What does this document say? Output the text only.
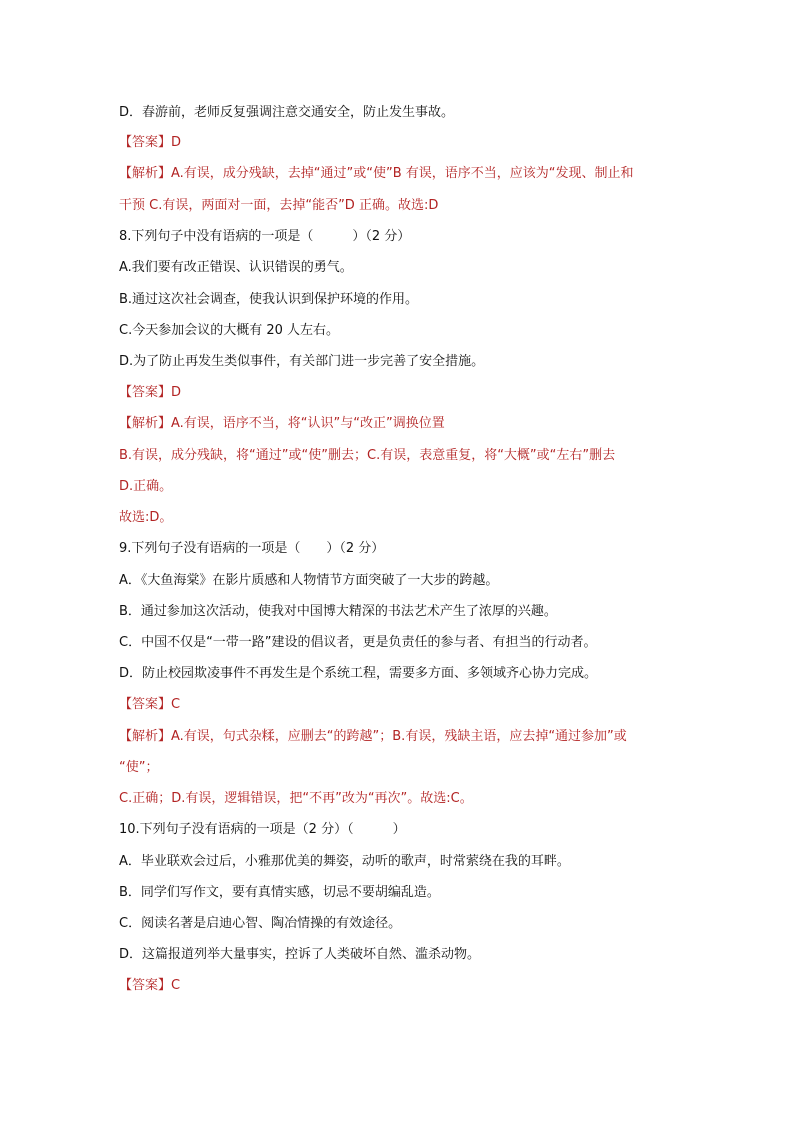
D．春游前，老师反复强调注意交通安全，防止发生事故。
【答案】D
【解析】A.有误，成分残缺，去掉“通过”或“使”B 有误，语序不当，应该为“发现、制止和
干预 C.有误，两面对一面，去掉“能否”D 正确。故选:D
8.下列句子中没有语病的一项是（　　　）（2 分）
A.我们要有改正错误、认识错误的勇气。
B.通过这次社会调查，使我认识到保护环境的作用。
C.今天参加会议的大概有 20 人左右。
D.为了防止再发生类似事件，有关部门进一步完善了安全措施。
【答案】D
【解析】A.有误，语序不当，将“认识”与“改正”调换位置
B.有误，成分残缺，将“通过”或“使”删去；C.有误，表意重复，将“大概”或“左右”删去
D.正确。
故选:D。
9.下列句子没有语病的一项是（　　）（2 分）
A．《大鱼海棠》在影片质感和人物情节方面突破了一大步的跨越。
B．通过参加这次活动，使我对中国博大精深的书法艺术产生了浓厚的兴趣。
C．中国不仅是“一带一路”建设的倡议者，更是负责任的参与者、有担当的行动者。
D．防止校园欺凌事件不再发生是个系统工程，需要多方面、多领域齐心协力完成。
【答案】C
【解析】A.有误，句式杂糅，应删去“的跨越”；B.有误，残缺主语，应去掉“通过参加”或
“使”；
C.正确；D.有误，逻辑错误，把“不再”改为“再次”。故选:C。
10.下列句子没有语病的一项是（2 分）（　　　）
A．毕业联欢会过后，小雅那优美的舞姿，动听的歌声，时常萦绕在我的耳畔。
B．同学们写作文，要有真情实感，切忌不要胡编乱造。
C．阅读名著是启迪心智、陶冶情操的有效途径。
D．这篇报道列举大量事实，控诉了人类破坏自然、滥杀动物。
【答案】C
